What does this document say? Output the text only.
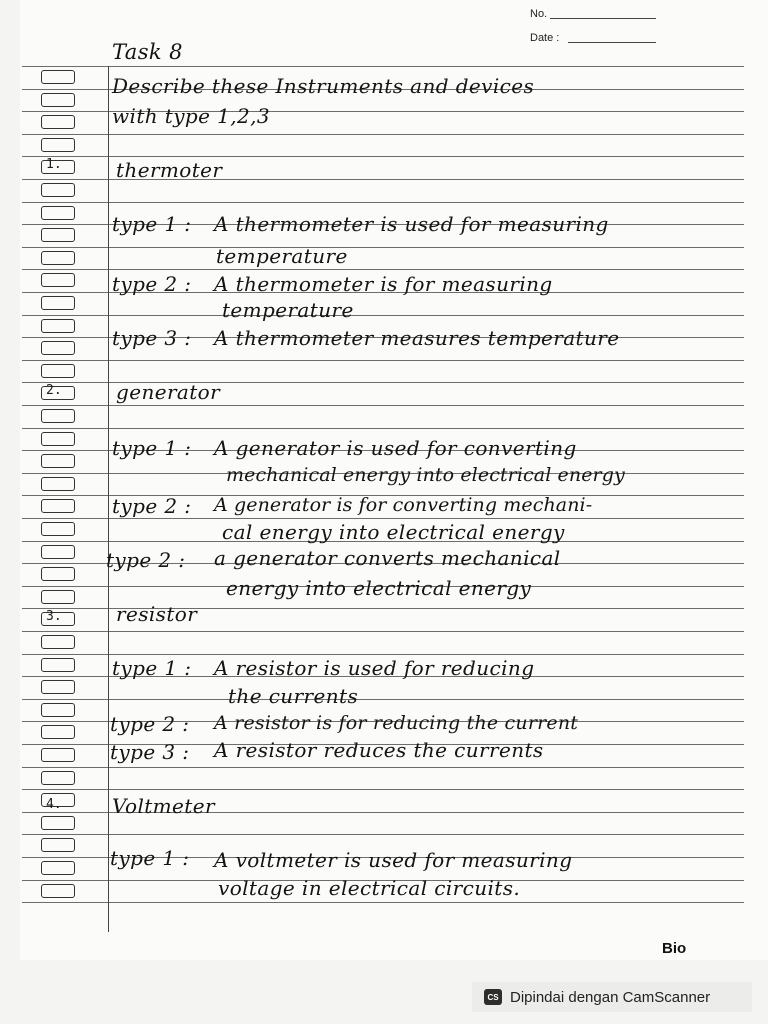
No.
Date :
Task 8
Describe these Instruments and devices
with type 1,2,3
1.	thermoter
type 1 : A thermometer is used for measuring
temperature
type 2 : A thermometer is for measuring
temperature
type 3 : A thermometer measures temperature
2.	generator
type 1 : A generator is used for converting
mechanical energy into electrical energy
type 2 : A generator is for converting mechani-
cal energy into electrical energy
type 2 : a generator converts mechanical
energy into electrical energy
3.	resistor
type 1 : A resistor is used for reducing
the currents
type 2 : A resistor is for reducing the current
type 3 : A resistor reduces the currents
4.	Voltmeter
type 1 : A voltmeter is used for measuring
voltage in electrical circuits.
Bio
CS Dipindai dengan CamScanner
